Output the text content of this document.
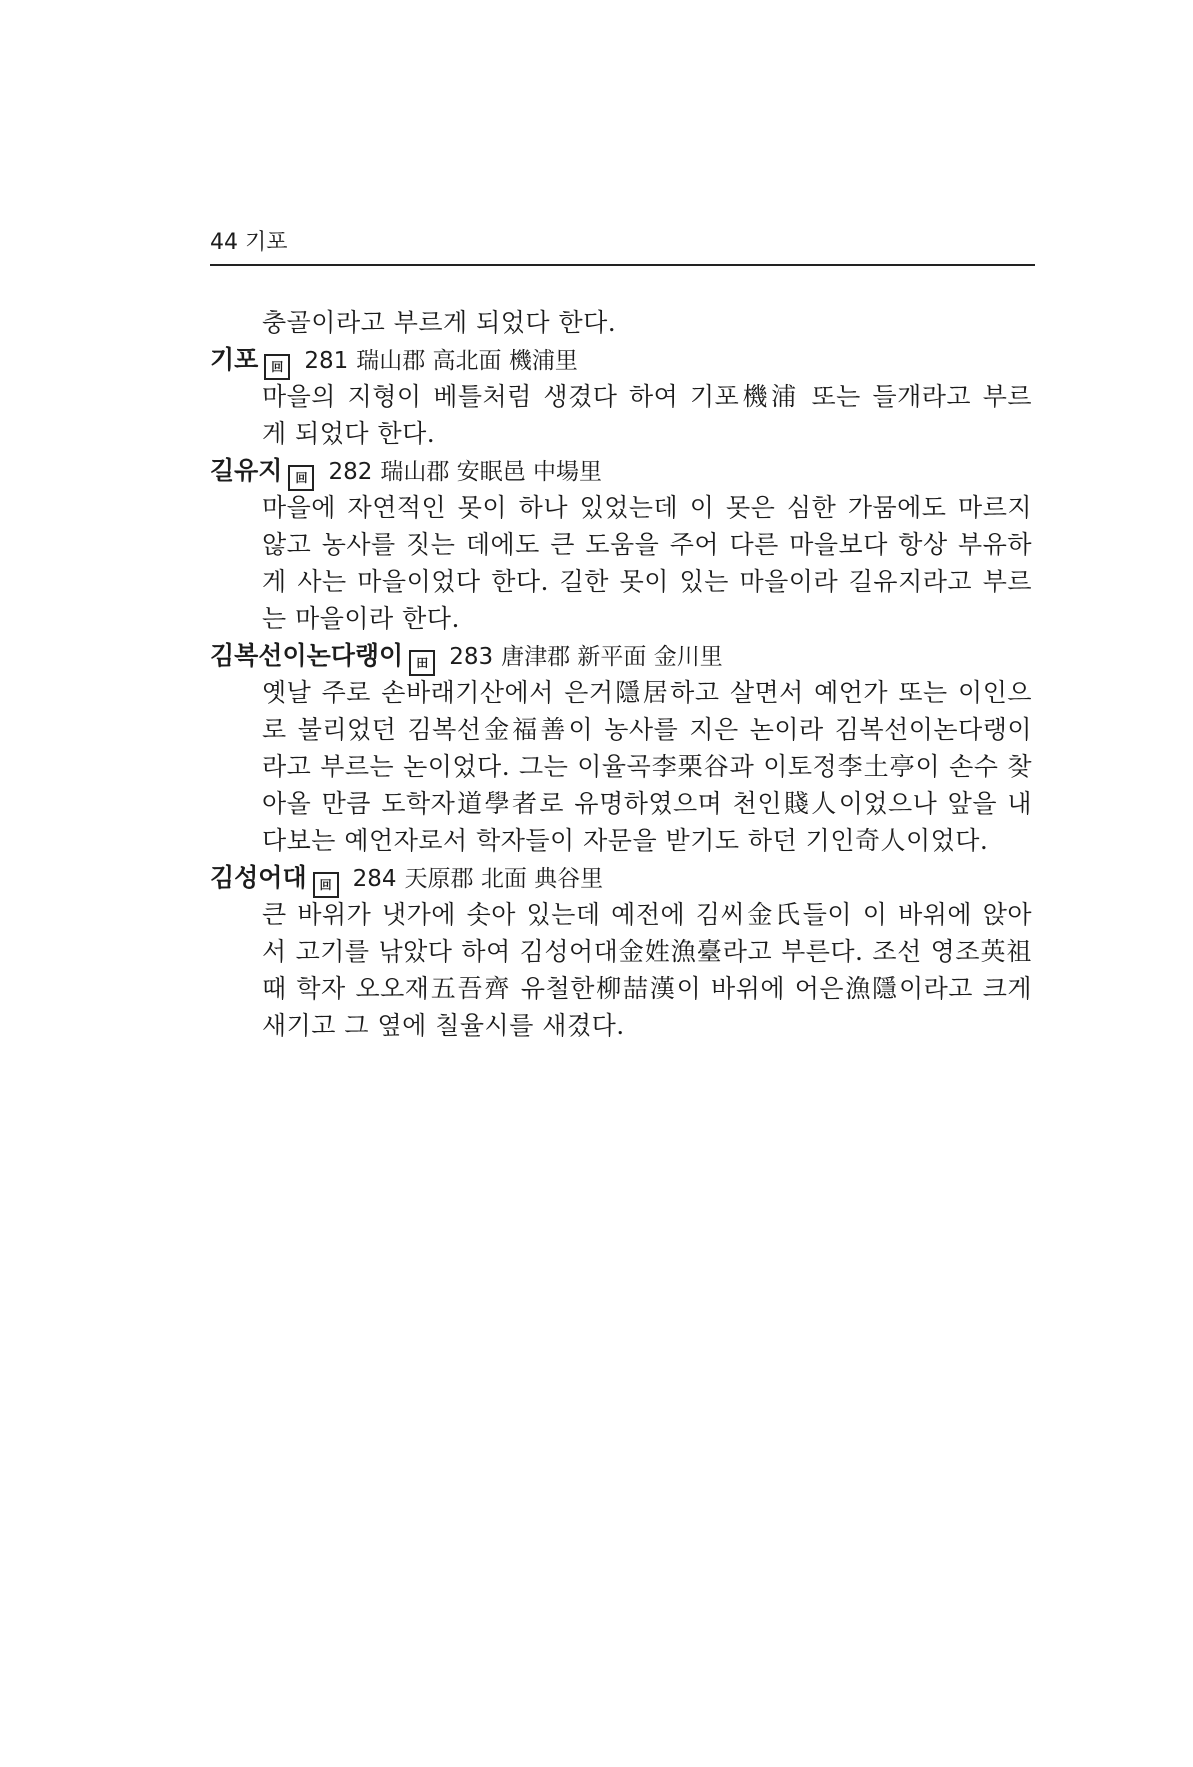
44 기포
충골이라고 부르게 되었다 한다.
기포 回 281 瑞山郡 高北面 機浦里
마을의 지형이 베틀처럼 생겼다 하여 기포機浦 또는 들개라고 부르
게 되었다 한다.
길유지 回 282 瑞山郡 安眠邑 中場里
마을에 자연적인 못이 하나 있었는데 이 못은 심한 가뭄에도 마르지
않고 농사를 짓는 데에도 큰 도움을 주어 다른 마을보다 항상 부유하
게 사는 마을이었다 한다. 길한 못이 있는 마을이라 길유지라고 부르
는 마을이라 한다.
김복선이논다랭이 田 283 唐津郡 新平面 金川里
옛날 주로 손바래기산에서 은거隱居하고 살면서 예언가 또는 이인으
로 불리었던 김복선金福善이 농사를 지은 논이라 김복선이논다랭이
라고 부르는 논이었다. 그는 이율곡李栗谷과 이토정李土亭이 손수 찾
아올 만큼 도학자道學者로 유명하였으며 천인賤人이었으나 앞을 내
다보는 예언자로서 학자들이 자문을 받기도 하던 기인奇人이었다.
김성어대 回 284 天原郡 北面 典谷里
큰 바위가 냇가에 솟아 있는데 예전에 김씨金氏들이 이 바위에 앉아
서 고기를 낚았다 하여 김성어대金姓漁臺라고 부른다. 조선 영조英祖
때 학자 오오재五吾齊 유철한柳喆漢이 바위에 어은漁隱이라고 크게
새기고 그 옆에 칠율시를 새겼다.
